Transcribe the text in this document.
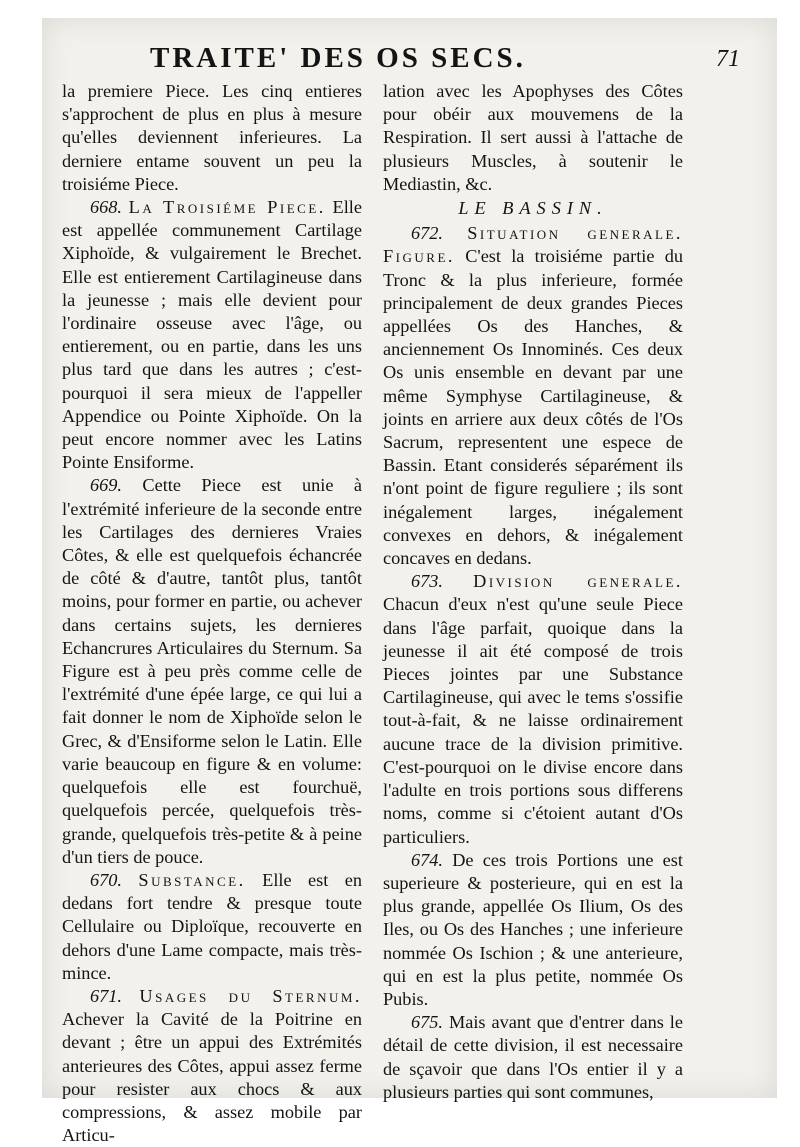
TRAITE' DES OS SECS.	71

la premiere Piece. Les cinq entieres s'approchent de plus en plus à mesure qu'elles deviennent inferieures. La derniere entame souvent un peu la troisiéme Piece.

668. La Troisiéme Piece. Elle est appellée communement Cartilage Xiphoïde, & vulgairement le Brechet. Elle est entierement Cartilagineuse dans la jeunesse ; mais elle devient pour l'ordinaire osseuse avec l'âge, ou entierement, ou en partie, dans les uns plus tard que dans les autres ; c'est-pourquoi il sera mieux de l'appeller Appendice ou Pointe Xiphoïde. On la peut encore nommer avec les Latins Pointe Ensiforme.

669. Cette Piece est unie à l'extrémité inferieure de la seconde entre les Cartilages des dernieres Vraies Côtes, & elle est quelquefois échancrée de côté & d'autre, tantôt plus, tantôt moins, pour former en partie, ou achever dans certains sujets, les dernieres Echancrures Articulaires du Sternum. Sa Figure est à peu près comme celle de l'extrémité d'une épée large, ce qui lui a fait donner le nom de Xiphoïde selon le Grec, & d'Ensiforme selon le Latin. Elle varie beaucoup en figure & en volume: quelquefois elle est fourchuë, quelquefois percée, quelquefois très-grande, quelquefois très-petite & à peine d'un tiers de pouce.

670. Substance. Elle est en dedans fort tendre & presque toute Cellulaire ou Diploïque, recouverte en dehors d'une Lame compacte, mais très-mince.

671. Usages du Sternum. Achever la Cavité de la Poitrine en devant ; être un appui des Extrémités anterieures des Côtes, appui assez ferme pour resister aux chocs & aux compressions, & assez mobile par Articu-

lation avec les Apophyses des Côtes pour obéir aux mouvemens de la Respiration. Il sert aussi à l'attache de plusieurs Muscles, à soutenir le Mediastin, &c.

LE BASSIN.

672. Situation generale. Figure. C'est la troisiéme partie du Tronc & la plus inferieure, formée principalement de deux grandes Pieces appellées Os des Hanches, & anciennement Os Innominés. Ces deux Os unis ensemble en devant par une même Symphyse Cartilagineuse, & joints en arriere aux deux côtés de l'Os Sacrum, representent une espece de Bassin. Etant considerés séparément ils n'ont point de figure reguliere ; ils sont inégalement larges, inégalement convexes en dehors, & inégalement concaves en dedans.

673. Division generale. Chacun d'eux n'est qu'une seule Piece dans l'âge parfait, quoique dans la jeunesse il ait été composé de trois Pieces jointes par une Substance Cartilagineuse, qui avec le tems s'ossifie tout-à-fait, & ne laisse ordinairement aucune trace de la division primitive. C'est-pourquoi on le divise encore dans l'adulte en trois portions sous differens noms, comme si c'étoient autant d'Os particuliers.

674. De ces trois Portions une est superieure & posterieure, qui en est la plus grande, appellée Os Ilium, Os des Iles, ou Os des Hanches ; une inferieure nommée Os Ischion ; & une anterieure, qui en est la plus petite, nommée Os Pubis.

675. Mais avant que d'entrer dans le détail de cette division, il est necessaire de sçavoir que dans l'Os entier il y a plusieurs parties qui sont communes,
